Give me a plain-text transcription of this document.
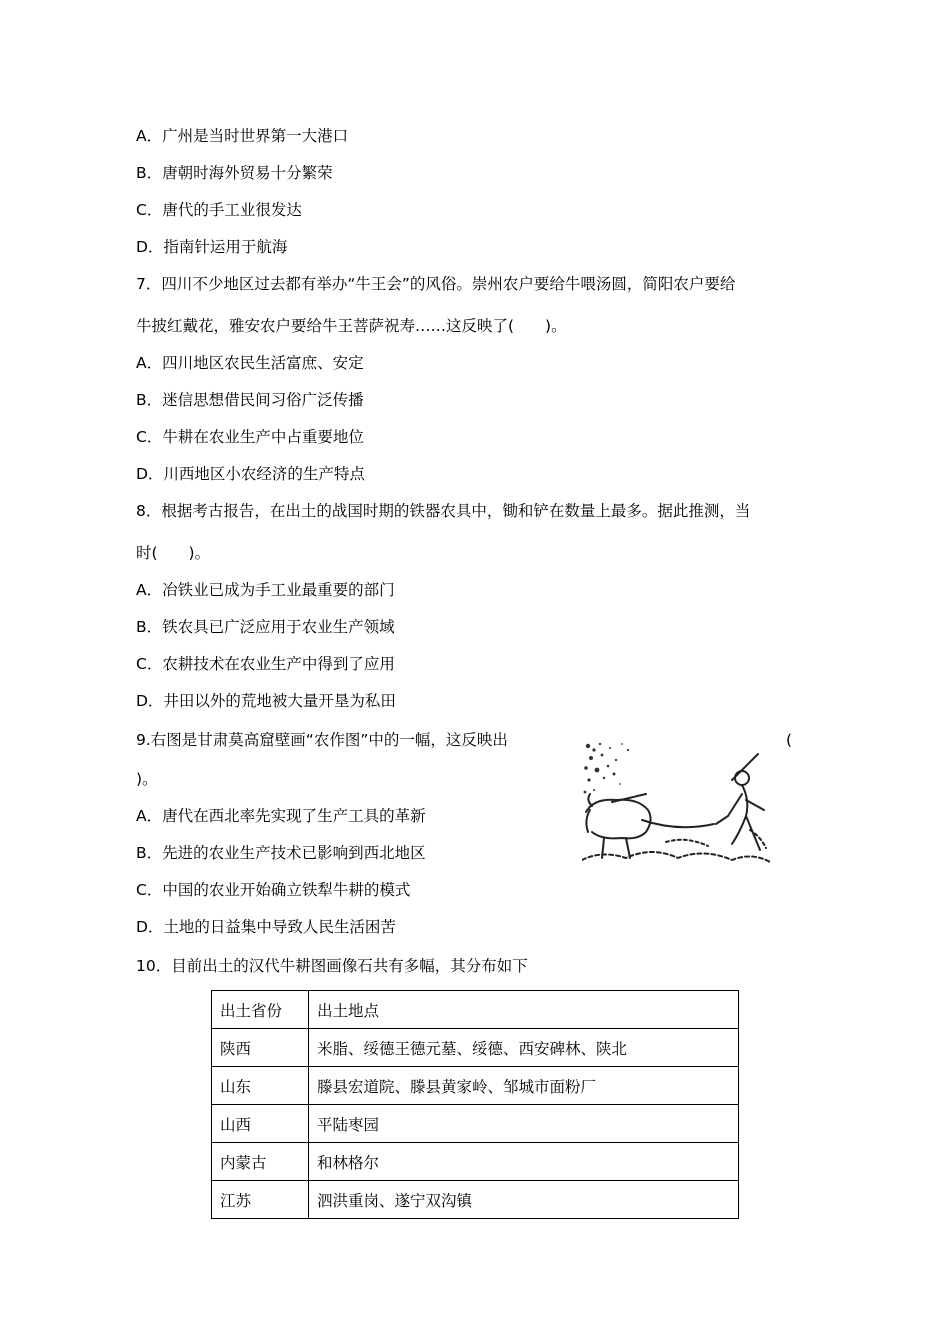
A．广州是当时世界第一大港口
B．唐朝时海外贸易十分繁荣
C．唐代的手工业很发达
D．指南针运用于航海
7．四川不少地区过去都有举办“牛王会”的风俗。崇州农户要给牛喂汤圆，简阳农户要给
牛披红戴花，雅安农户要给牛王菩萨祝寿……这反映了(　　)。
A．四川地区农民生活富庶、安定
B．迷信思想借民间习俗广泛传播
C．牛耕在农业生产中占重要地位
D．川西地区小农经济的生产特点
8．根据考古报告，在出土的战国时期的铁器农具中，锄和铲在数量上最多。据此推测，当
时(　　)。
A．冶铁业已成为手工业最重要的部门
B．铁农具已广泛应用于农业生产领域
C．农耕技术在农业生产中得到了应用
D．井田以外的荒地被大量开垦为私田
9.右图是甘肃莫高窟壁画“农作图”中的一幅，这反映出	(
)。
A．唐代在西北率先实现了生产工具的革新
B．先进的农业生产技术已影响到西北地区
C．中国的农业开始确立铁犁牛耕的模式
D．土地的日益集中导致人民生活困苦
10．目前出土的汉代牛耕图画像石共有多幅，其分布如下
出土省份	出土地点
陕西	米脂、绥德王德元墓、绥德、西安碑林、陕北
山东	滕县宏道院、滕县黄家岭、邹城市面粉厂
山西	平陆枣园
内蒙古	和林格尔
江苏	泗洪重岗、遂宁双沟镇
